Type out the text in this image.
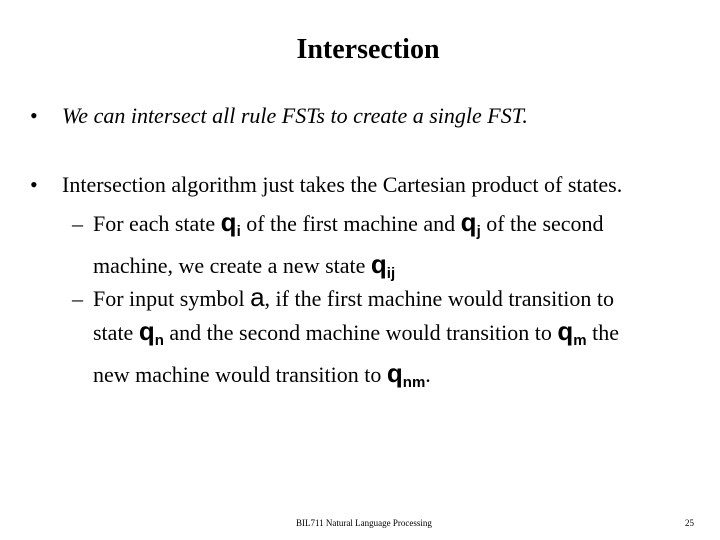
Intersection
• We can intersect all rule FSTs to create a single FST.
• Intersection algorithm just takes the Cartesian product of states.
– For each state $q_i$ of the first machine and $q_j$ of the second
machine, we create a new state $q_{ij}$
– For input symbol a, if the first machine would transition to
state $q_n$ and the second machine would transition to $q_m$ the
new machine would transition to $q_{nm}$.
BIL711 Natural Language Processing	25
